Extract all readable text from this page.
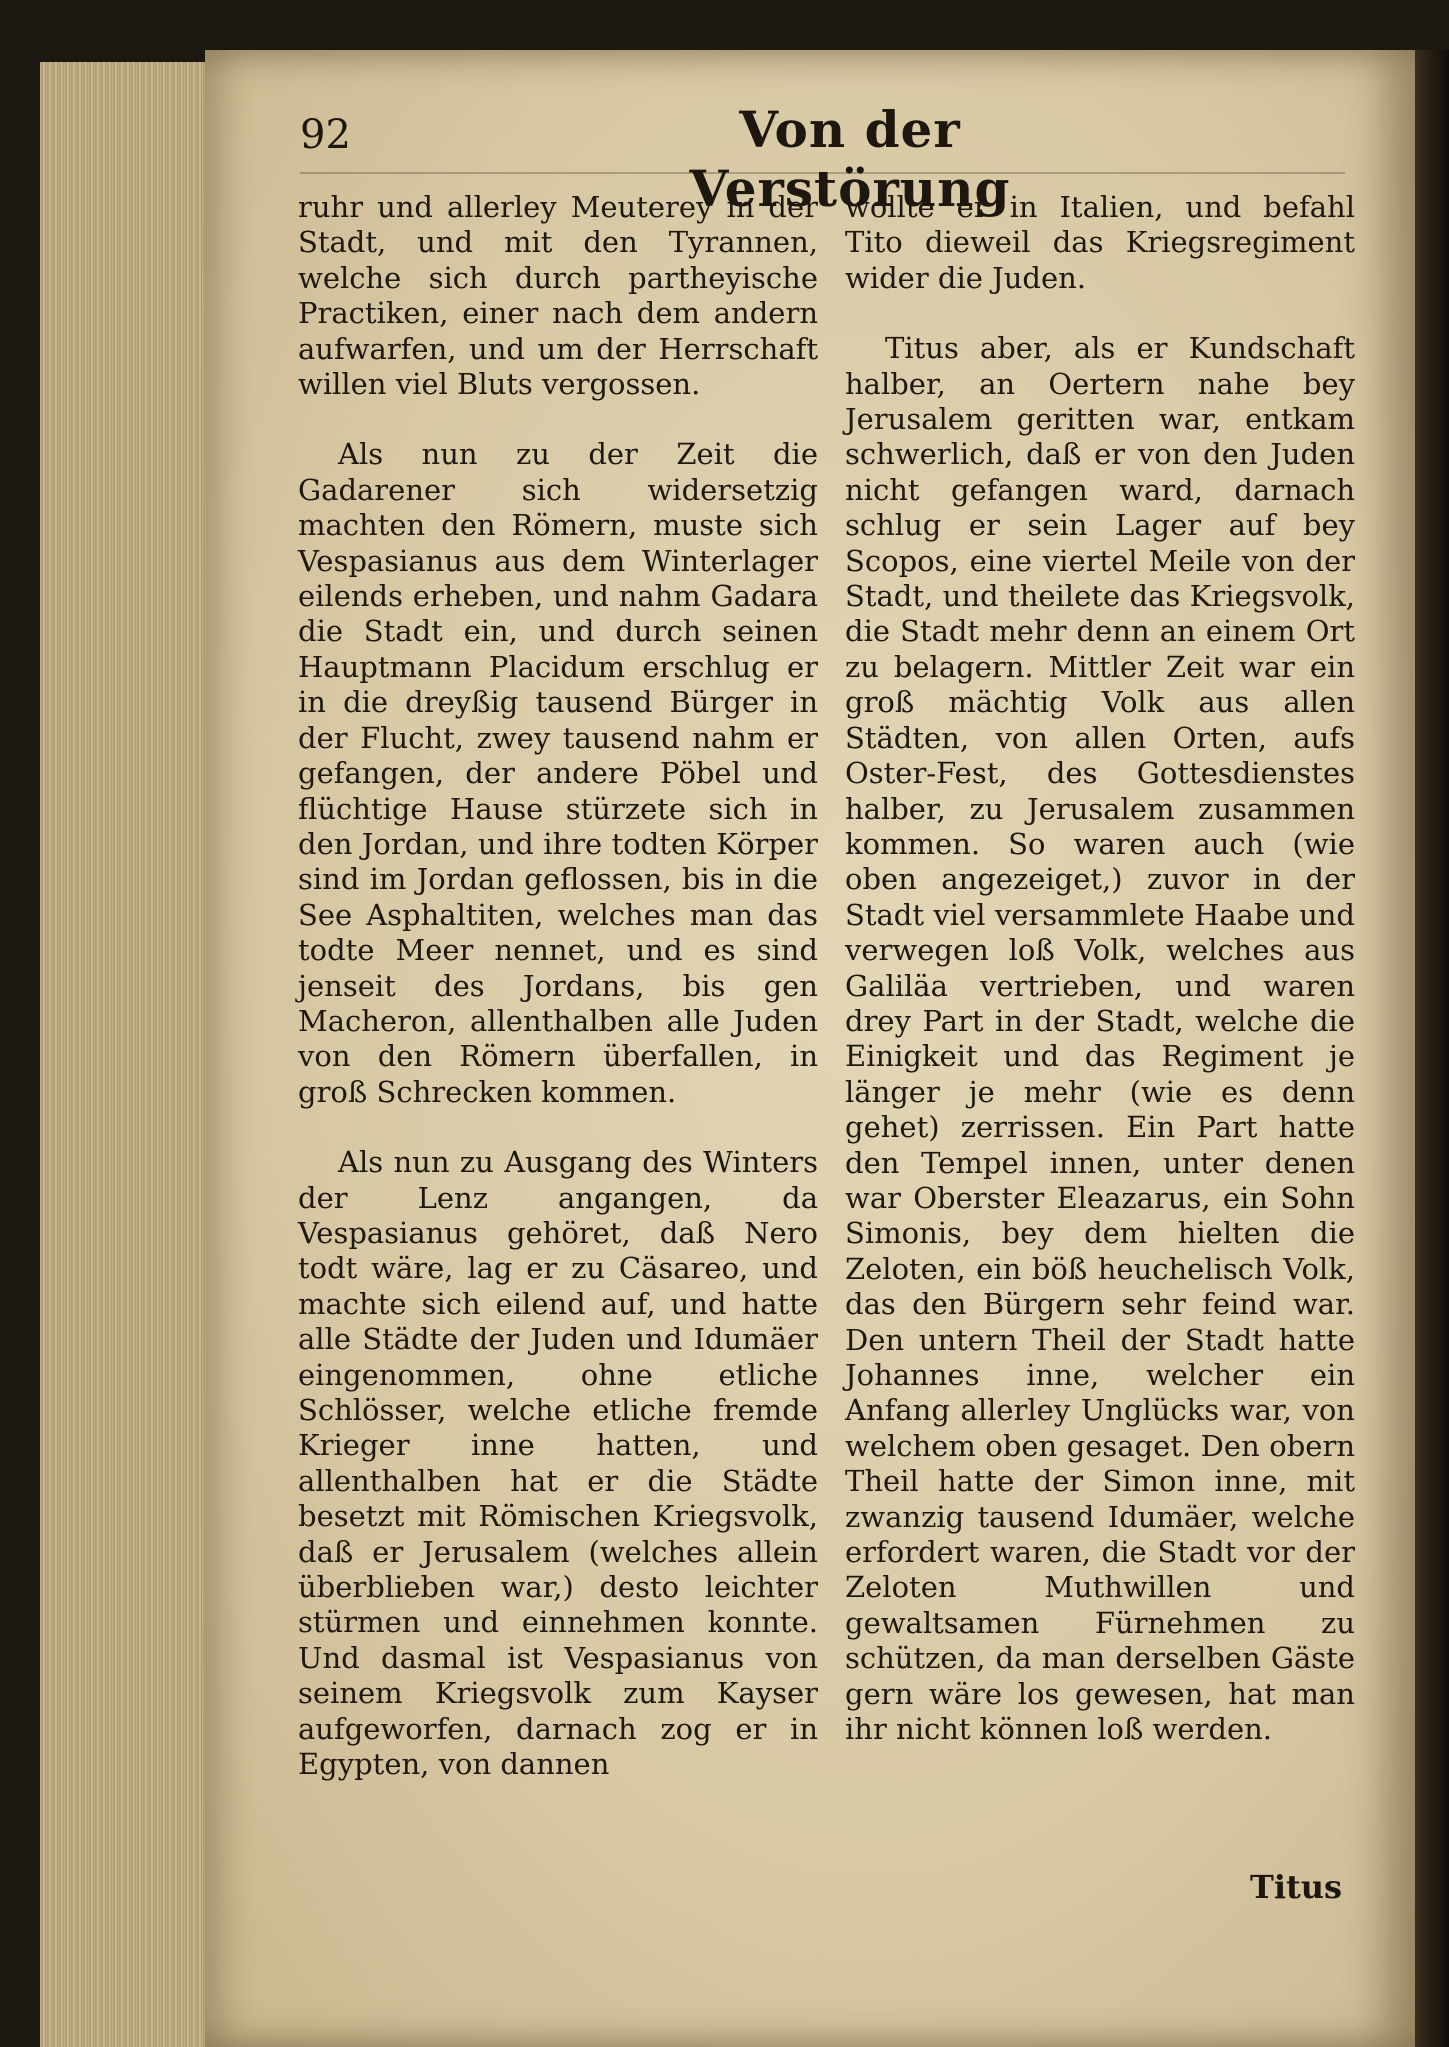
92	Von der Verstörung

ruhr und allerley Meuterey in der Stadt, und mit den Tyrannen, welche sich durch partheyische Practiken, einer nach dem andern aufwarfen, und um der Herrschaft willen viel Bluts vergossen.

Als nun zu der Zeit die Gadarener sich widersetzig machten den Römern, muste sich Vespasianus aus dem Winterlager eilends erheben, und nahm Gadara die Stadt ein, und durch seinen Hauptmann Placidum erschlug er in die dreyßig tausend Bürger in der Flucht, zwey tausend nahm er gefangen, der andere Pöbel und flüchtige Hause stürzete sich in den Jordan, und ihre todten Körper sind im Jordan geflossen, bis in die See Asphaltiten, welches man das todte Meer nennet, und es sind jenseit des Jordans, bis gen Macheron, allenthalben alle Juden von den Römern überfallen, in groß Schrecken kommen.

Als nun zu Ausgang des Winters der Lenz angangen, da Vespasianus gehöret, daß Nero todt wäre, lag er zu Cäsareo, und machte sich eilend auf, und hatte alle Städte der Juden und Idumäer eingenommen, ohne etliche Schlösser, welche etliche fremde Krieger inne hatten, und allenthalben hat er die Städte besetzt mit Römischen Kriegsvolk, daß er Jerusalem (welches allein überblieben war,) desto leichter stürmen und einnehmen konnte. Und dasmal ist Vespasianus von seinem Kriegsvolk zum Kayser aufgeworfen, darnach zog er in Egypten, von dannen

wollte er in Italien, und befahl Tito dieweil das Kriegsregiment wider die Juden.

Titus aber, als er Kundschaft halber, an Oertern nahe bey Jerusalem geritten war, entkam schwerlich, daß er von den Juden nicht gefangen ward, darnach schlug er sein Lager auf bey Scopos, eine viertel Meile von der Stadt, und theilete das Kriegsvolk, die Stadt mehr denn an einem Ort zu belagern. Mittler Zeit war ein groß mächtig Volk aus allen Städten, von allen Orten, aufs Oster-Fest, des Gottesdienstes halber, zu Jerusalem zusammen kommen. So waren auch (wie oben angezeiget,) zuvor in der Stadt viel versammlete Haabe und verwegen loß Volk, welches aus Galiläa vertrieben, und waren drey Part in der Stadt, welche die Einigkeit und das Regiment je länger je mehr (wie es denn gehet) zerrissen. Ein Part hatte den Tempel innen, unter denen war Oberster Eleazarus, ein Sohn Simonis, bey dem hielten die Zeloten, ein böß heuchelisch Volk, das den Bürgern sehr feind war. Den untern Theil der Stadt hatte Johannes inne, welcher ein Anfang allerley Unglücks war, von welchem oben gesaget. Den obern Theil hatte der Simon inne, mit zwanzig tausend Idumäer, welche erfordert waren, die Stadt vor der Zeloten Muthwillen und gewaltsamen Fürnehmen zu schützen, da man derselben Gäste gern wäre los gewesen, hat man ihr nicht können loß werden.

Titus
